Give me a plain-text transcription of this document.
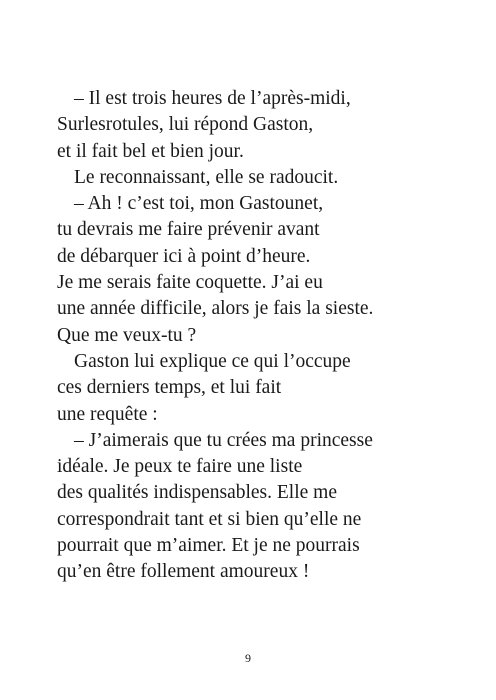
– Il est trois heures de l’après-midi,
Surlesrotules, lui répond Gaston,
et il fait bel et bien jour.
Le reconnaissant, elle se radoucit.
– Ah ! c’est toi, mon Gastounet,
tu devrais me faire prévenir avant
de débarquer ici à point d’heure.
Je me serais faite coquette. J’ai eu
une année difficile, alors je fais la sieste.
Que me veux-tu ?
Gaston lui explique ce qui l’occupe
ces derniers temps, et lui fait
une requête :
– J’aimerais que tu crées ma princesse
idéale. Je peux te faire une liste
des qualités indispensables. Elle me
correspondrait tant et si bien qu’elle ne
pourrait que m’aimer. Et je ne pourrais
qu’en être follement amoureux !
9
